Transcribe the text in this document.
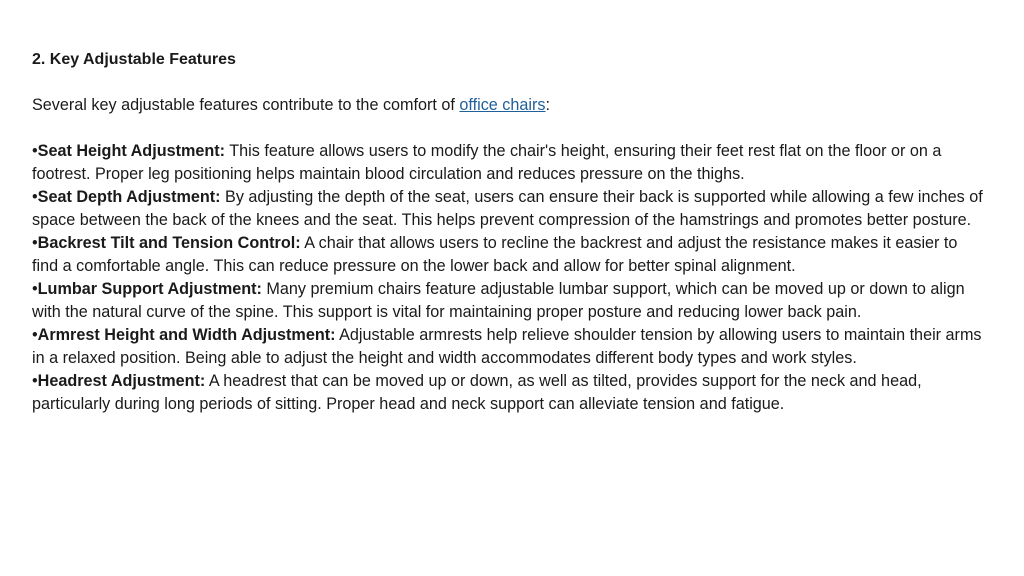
2. Key Adjustable Features
Several key adjustable features contribute to the comfort of office chairs:
•Seat Height Adjustment: This feature allows users to modify the chair's height, ensuring their feet rest flat on the floor or on a footrest. Proper leg positioning helps maintain blood circulation and reduces pressure on the thighs.
•Seat Depth Adjustment: By adjusting the depth of the seat, users can ensure their back is supported while allowing a few inches of space between the back of the knees and the seat. This helps prevent compression of the hamstrings and promotes better posture.
•Backrest Tilt and Tension Control: A chair that allows users to recline the backrest and adjust the resistance makes it easier to find a comfortable angle. This can reduce pressure on the lower back and allow for better spinal alignment.
•Lumbar Support Adjustment: Many premium chairs feature adjustable lumbar support, which can be moved up or down to align with the natural curve of the spine. This support is vital for maintaining proper posture and reducing lower back pain.
•Armrest Height and Width Adjustment: Adjustable armrests help relieve shoulder tension by allowing users to maintain their arms in a relaxed position. Being able to adjust the height and width accommodates different body types and work styles.
•Headrest Adjustment: A headrest that can be moved up or down, as well as tilted, provides support for the neck and head, particularly during long periods of sitting. Proper head and neck support can alleviate tension and fatigue.
